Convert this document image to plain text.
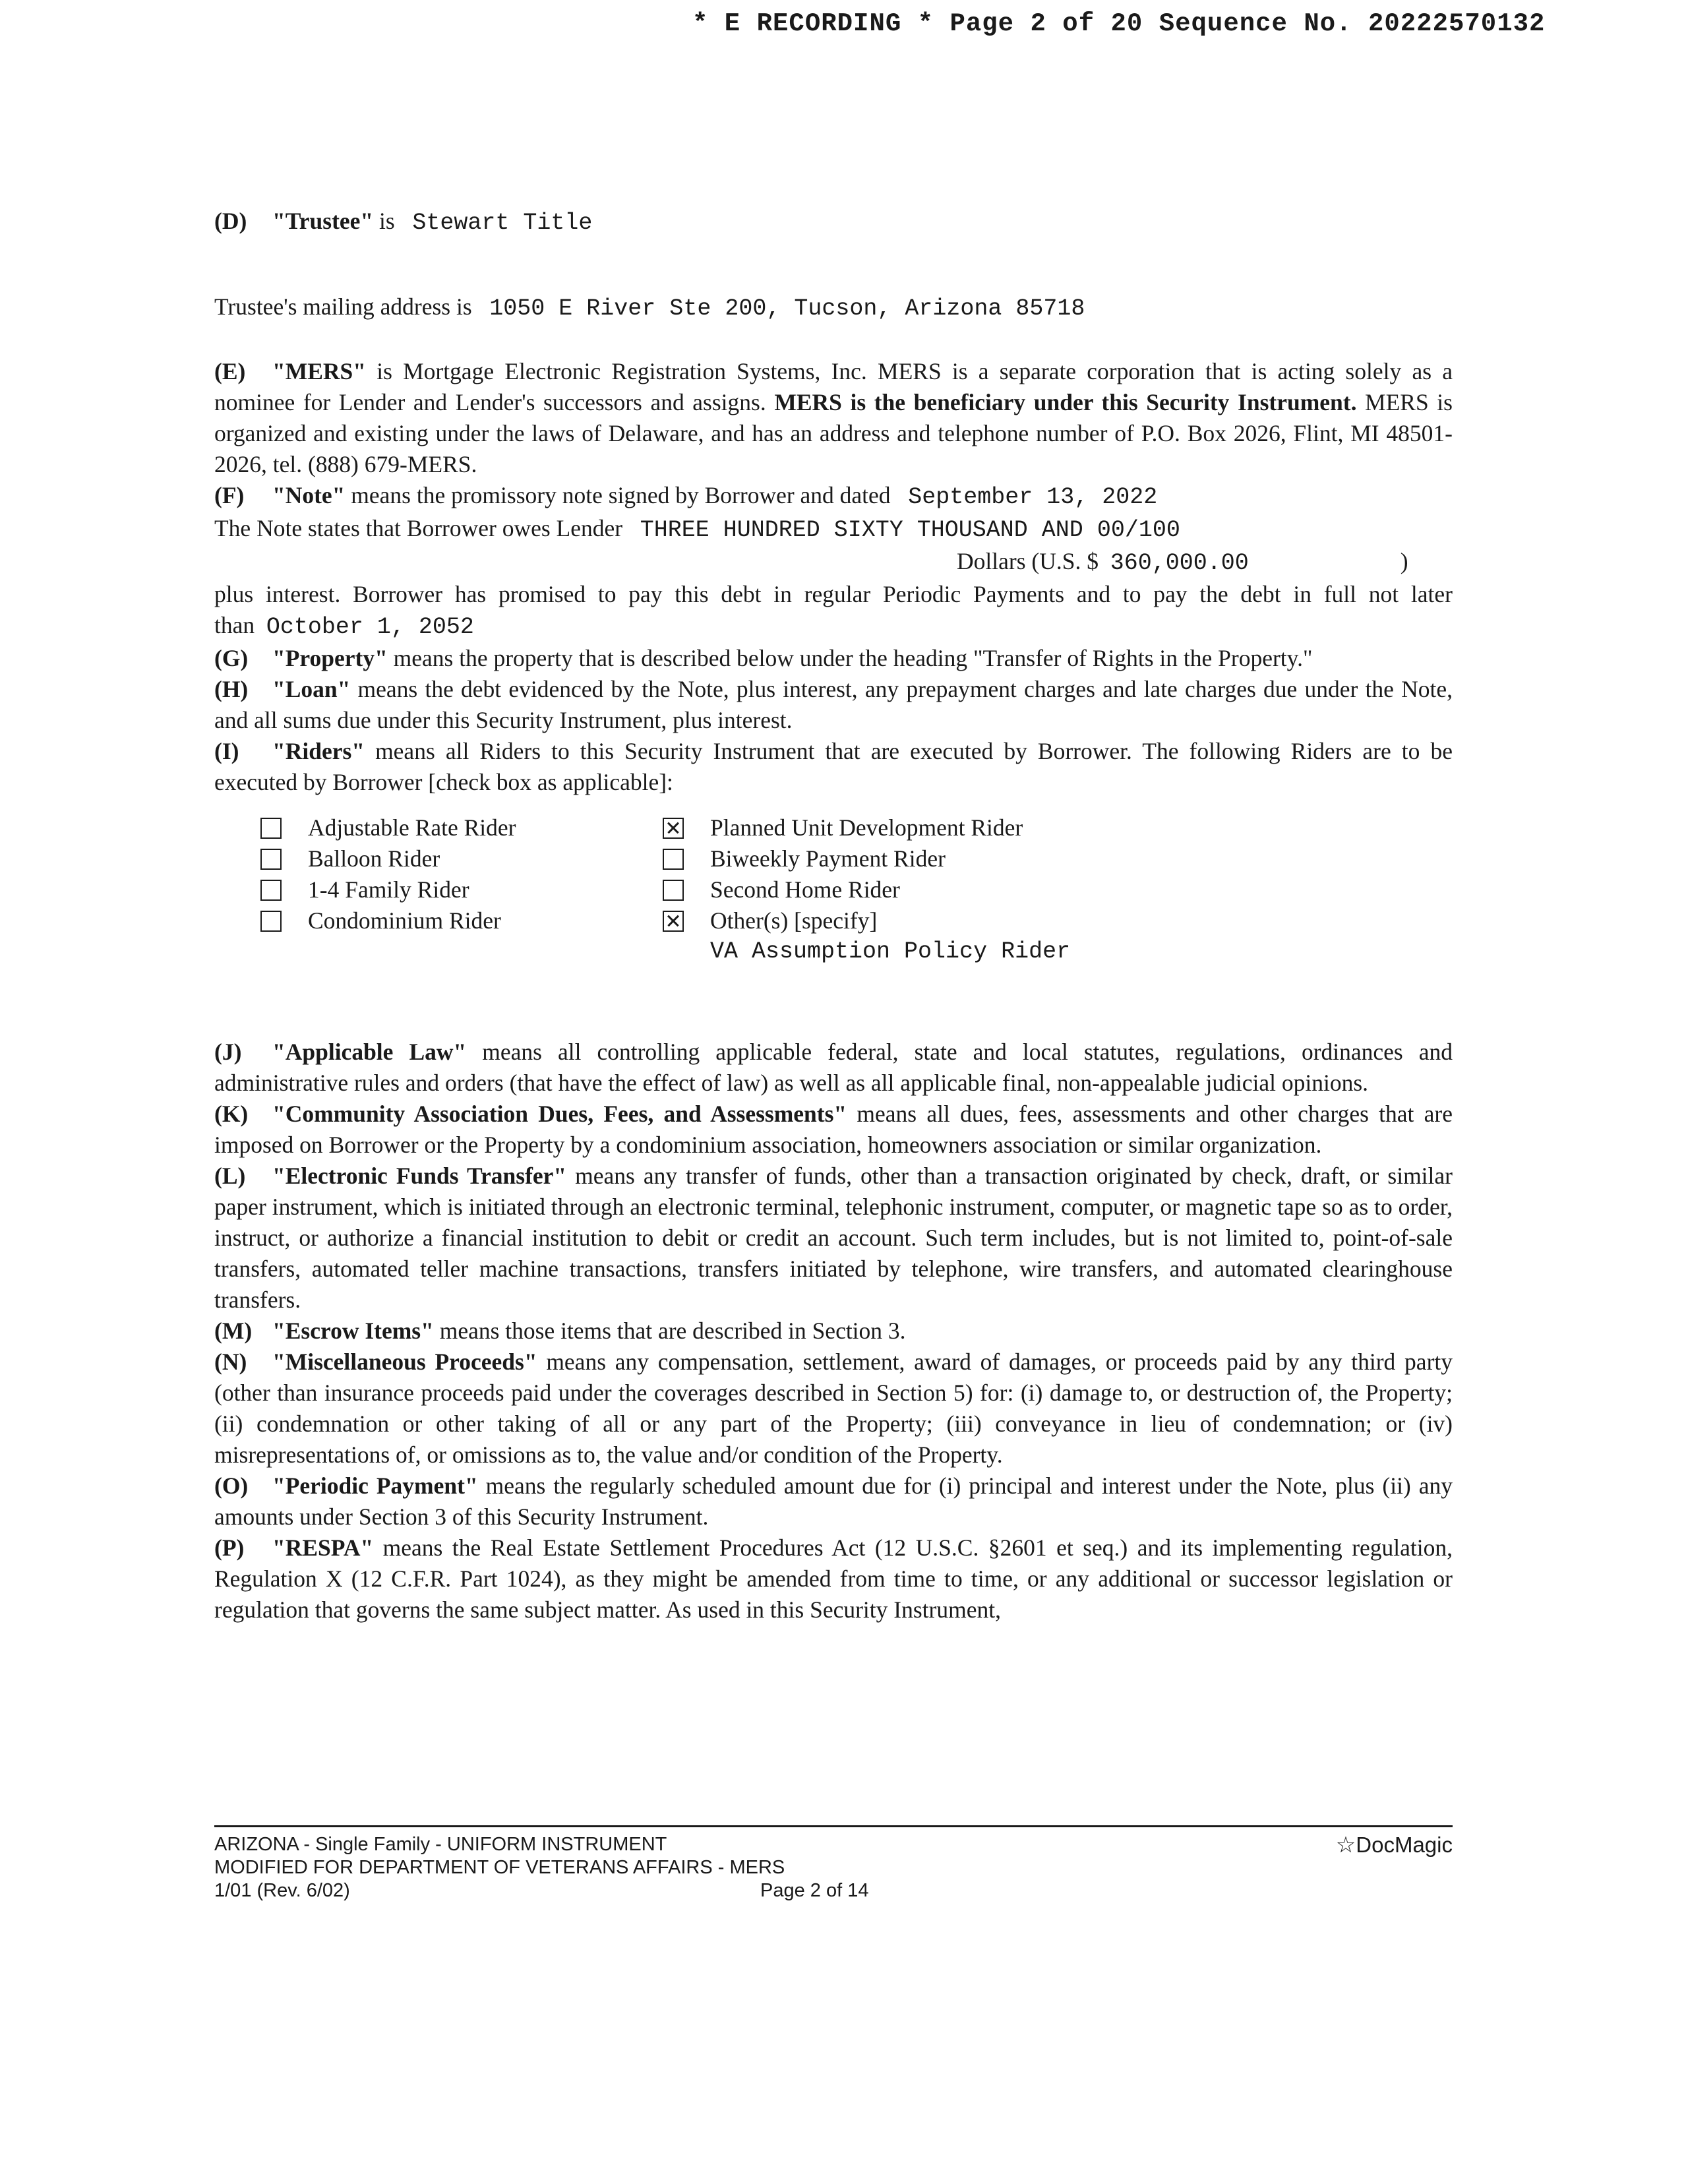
* E RECORDING * Page 2 of 20 Sequence No. 20222570132

(D) "Trustee" is   Stewart Title

Trustee's mailing address is 1050 E River Ste 200, Tucson, Arizona 85718

(E) "MERS" is Mortgage Electronic Registration Systems, Inc. MERS is a separate corporation that is acting solely as a nominee for Lender and Lender's successors and assigns. MERS is the beneficiary under this Security Instrument. MERS is organized and existing under the laws of Delaware, and has an address and telephone number of P.O. Box 2026, Flint, MI 48501-2026, tel. (888) 679-MERS.

(F) "Note" means the promissory note signed by Borrower and dated September 13, 2022
The Note states that Borrower owes Lender THREE HUNDRED SIXTY THOUSAND AND 00/100
Dollars (U.S. $ 360,000.00	)
plus interest. Borrower has promised to pay this debt in regular Periodic Payments and to pay the debt in full not later than October 1, 2052

(G) "Property" means the property that is described below under the heading "Transfer of Rights in the Property."

(H) "Loan" means the debt evidenced by the Note, plus interest, any prepayment charges and late charges due under the Note, and all sums due under this Security Instrument, plus interest.

(I) "Riders" means all Riders to this Security Instrument that are executed by Borrower. The following Riders are to be executed by Borrower [check box as applicable]:

Adjustable Rate Rider
Balloon Rider
1-4 Family Rider
Condominium Rider
Planned Unit Development Rider
Biweekly Payment Rider
Second Home Rider
Other(s) [specify]
VA Assumption Policy Rider

(J) "Applicable Law" means all controlling applicable federal, state and local statutes, regulations, ordinances and administrative rules and orders (that have the effect of law) as well as all applicable final, non-appealable judicial opinions.

(K) "Community Association Dues, Fees, and Assessments" means all dues, fees, assessments and other charges that are imposed on Borrower or the Property by a condominium association, homeowners association or similar organization.

(L) "Electronic Funds Transfer" means any transfer of funds, other than a transaction originated by check, draft, or similar paper instrument, which is initiated through an electronic terminal, telephonic instrument, computer, or magnetic tape so as to order, instruct, or authorize a financial institution to debit or credit an account. Such term includes, but is not limited to, point-of-sale transfers, automated teller machine transactions, transfers initiated by telephone, wire transfers, and automated clearinghouse transfers.

(M) "Escrow Items" means those items that are described in Section 3.

(N) "Miscellaneous Proceeds" means any compensation, settlement, award of damages, or proceeds paid by any third party (other than insurance proceeds paid under the coverages described in Section 5) for: (i) damage to, or destruction of, the Property; (ii) condemnation or other taking of all or any part of the Property; (iii) conveyance in lieu of condemnation; or (iv) misrepresentations of, or omissions as to, the value and/or condition of the Property.

(O) "Periodic Payment" means the regularly scheduled amount due for (i) principal and interest under the Note, plus (ii) any amounts under Section 3 of this Security Instrument.

(P) "RESPA" means the Real Estate Settlement Procedures Act (12 U.S.C. §2601 et seq.) and its implementing regulation, Regulation X (12 C.F.R. Part 1024), as they might be amended from time to time, or any additional or successor legislation or regulation that governs the same subject matter. As used in this Security Instrument,

ARIZONA - Single Family - UNIFORM INSTRUMENT
MODIFIED FOR DEPARTMENT OF VETERANS AFFAIRS - MERS
1/01 (Rev. 6/02)	Page 2 of 14
☆DocMagic
